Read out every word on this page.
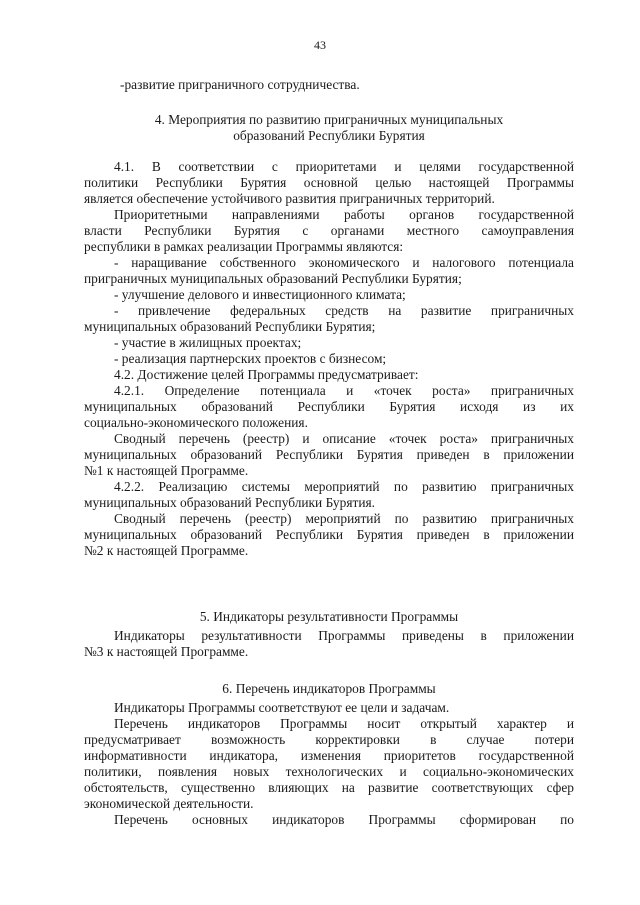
43
-развитие приграничного сотрудничества.
4. Мероприятия по развитию приграничных муниципальных
образований Республики Бурятия
4.1. В соответствии с приоритетами и целями государственной
политики Республики Бурятия основной целью настоящей Программы
является обеспечение устойчивого развития приграничных территорий.
Приоритетными направлениями работы органов государственной
власти Республики Бурятия с органами местного самоуправления
республики в рамках реализации Программы являются:
- наращивание собственного экономического и налогового потенциала
приграничных муниципальных образований Республики Бурятия;
- улучшение делового и инвестиционного климата;
- привлечение федеральных средств на развитие приграничных
муниципальных образований Республики Бурятия;
- участие в жилищных проектах;
- реализация партнерских проектов с бизнесом;
4.2. Достижение целей Программы предусматривает:
4.2.1. Определение потенциала и «точек роста» приграничных
муниципальных образований Республики Бурятия исходя из их
социально-экономического положения.
Сводный перечень (реестр) и описание «точек роста» приграничных
муниципальных образований Республики Бурятия приведен в приложении
№1 к настоящей Программе.
4.2.2. Реализацию системы мероприятий по развитию приграничных
муниципальных образований Республики Бурятия.
Сводный перечень (реестр) мероприятий по развитию приграничных
муниципальных образований Республики Бурятия приведен в приложении
№2 к настоящей Программе.
5. Индикаторы результативности Программы
Индикаторы результативности Программы приведены в приложении
№3 к настоящей Программе.
6. Перечень индикаторов Программы
Индикаторы Программы соответствуют ее цели и задачам.
Перечень индикаторов Программы носит открытый характер и
предусматривает возможность корректировки в случае потери
информативности индикатора, изменения приоритетов государственной
политики, появления новых технологических и социально-экономических
обстоятельств, существенно влияющих на развитие соответствующих сфер
экономической деятельности.
Перечень основных индикаторов Программы сформирован по
